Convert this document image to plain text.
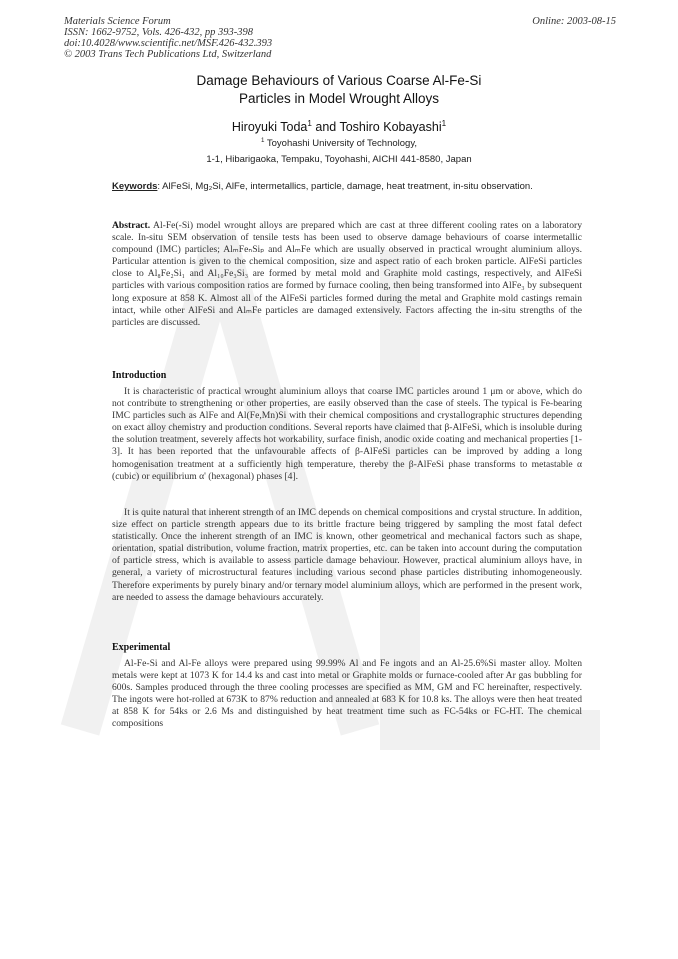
Materials Science Forum
ISSN: 1662-9752, Vols. 426-432, pp 393-398
doi:10.4028/www.scientific.net/MSF.426-432.393
© 2003 Trans Tech Publications Ltd, Switzerland
Online: 2003-08-15
Damage Behaviours of Various Coarse Al-Fe-Si
Particles in Model Wrought Alloys
Hiroyuki Toda$^1$ and Toshiro Kobayashi$^1$
$^1$ Toyohashi University of Technology,
1-1, Hibarigaoka, Tempaku, Toyohashi, AICHI 441-8580, Japan
Keywords: AlFeSi, Mg₂Si, AlFe, intermetallics, particle, damage, heat treatment, in-situ observation.
Abstract. Al-Fe(-Si) model wrought alloys are prepared which are cast at three different cooling rates on a laboratory scale. In-situ SEM observation of tensile tests has been used to observe damage behaviours of coarse intermetallic compound (IMC) particles; AlₘFeₙSiₚ and AlₘFe which are usually observed in practical wrought aluminium alloys. Particular attention is given to the chemical composition, size and aspect ratio of each broken particle. AlFeSi particles close to Al₈Fe₂Si₁ and Al₁₀Fe₃Si₃ are formed by metal mold and Graphite mold castings, respectively, and AlFeSi particles with various composition ratios are formed by furnace cooling, then being transformed into AlFe₃ by subsequent long exposure at 858 K. Almost all of the AlFeSi particles formed during the metal and Graphite mold castings remain intact, while other AlFeSi and AlₘFe particles are damaged extensively. Factors affecting the in-situ strengths of the particles are discussed.
Introduction
It is characteristic of practical wrought aluminium alloys that coarse IMC particles around 1 μm or above, which do not contribute to strengthening or other properties, are easily observed than the case of steels. The typical is Fe-bearing IMC particles such as AlFe and Al(Fe,Mn)Si with their chemical compositions and crystallographic structures depending on exact alloy chemistry and production conditions. Several reports have claimed that β-AlFeSi, which is insoluble during the solution treatment, severely affects hot workability, surface finish, anodic oxide coating and mechanical properties [1-3]. It has been reported that the unfavourable affects of β-AlFeSi particles can be improved by adding a long homogenisation treatment at a sufficiently high temperature, thereby the β-AlFeSi phase transforms to metastable α (cubic) or equilibrium α' (hexagonal) phases [4].
It is quite natural that inherent strength of an IMC depends on chemical compositions and crystal structure. In addition, size effect on particle strength appears due to its brittle fracture being triggered by sampling the most fatal defect statistically. Once the inherent strength of an IMC is known, other geometrical and mechanical factors such as shape, orientation, spatial distribution, volume fraction, matrix properties, etc. can be taken into account during the computation of particle stress, which is available to assess particle damage behaviour. However, practical aluminium alloys have, in general, a variety of microstructural features including various second phase particles distributing inhomogeneously. Therefore experiments by purely binary and/or ternary model aluminium alloys, which are performed in the present work, are needed to assess the damage behaviours accurately.
Experimental
Al-Fe-Si and Al-Fe alloys were prepared using 99.99% Al and Fe ingots and an Al-25.6%Si master alloy. Molten metals were kept at 1073 K for 14.4 ks and cast into metal or Graphite molds or furnace-cooled after Ar gas bubbling for 600s. Samples produced through the three cooling processes are specified as MM, GM and FC hereinafter, respectively. The ingots were hot-rolled at 673K to 87% reduction and annealed at 683 K for 10.8 ks. The alloys were then heat treated at 858 K for 54ks or 2.6 Ms and distinguished by heat treatment time such as FC-54ks or FC-HT. The chemical compositions
